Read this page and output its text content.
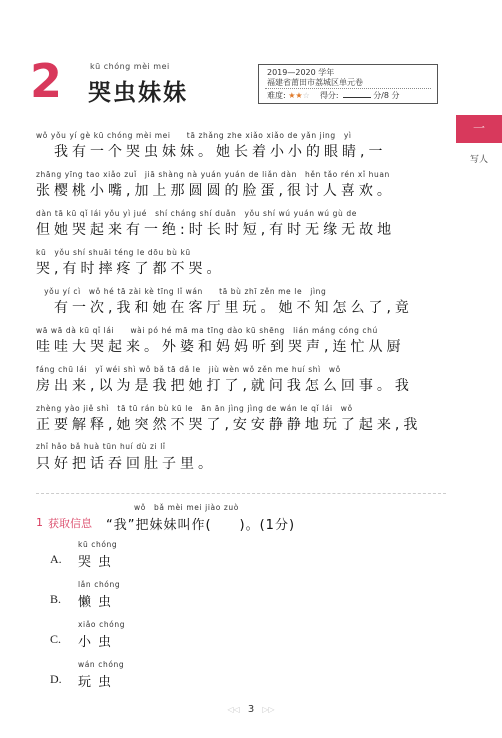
2	kū chóng mèi mei
哭虫妹妹
2019—2020 学年
福建省莆田市荔城区单元卷
难度: ★★☆ 得分:	分/8 分
一
写人
wǒ yǒu yí gè kū chóng mèi mei　　tā zhǎng zhe xiǎo xiǎo de yǎn jing　yì
　我有一个哭虫妹妹。她长着小小的眼睛,一
zhāng yīng tao xiǎo zuǐ　jiā shàng nà yuán yuán de liǎn dàn　hěn tǎo rén xǐ huan
张樱桃小嘴,加上那圆圆的脸蛋,很讨人喜欢。
dàn tā kū qǐ lái yǒu yì jué　shí cháng shí duǎn　yǒu shí wú yuán wú gù de
但她哭起来有一绝:时长时短,有时无缘无故地
kū　yǒu shí shuāi téng le dōu bù kū
哭,有时摔疼了都不哭。
　yǒu yí cì　wǒ hé tā zài kè tīng lǐ wán　　tā bù zhī zěn me le　jìng
　有一次,我和她在客厅里玩。她不知怎么了,竟
wā wā dà kū qǐ lái　　wài pó hé mā ma tīng dào kū shēng　lián máng cóng chú
哇哇大哭起来。外婆和妈妈听到哭声,连忙从厨
fáng chū lái　yǐ wéi shì wǒ bǎ tā dǎ le　jiù wèn wǒ zěn me huí shì　wǒ
房出来,以为是我把她打了,就问我怎么回事。我
zhèng yào jiě shì　tā tū rán bù kū le　ān ān jìng jìng de wán le qǐ lái　wǒ
正要解释,她突然不哭了,安安静静地玩了起来,我
zhǐ hǎo bǎ huà tūn huí dù zi lǐ
只好把话吞回肚子里。
wǒ　bǎ mèi mei jiào zuò
1 获取信息 “我”把妹妹叫作(　　)。(1分)
kū chóng
A. 哭虫
lǎn chóng
B. 懒虫
xiǎo chóng
C. 小虫
wán chóng
D. 玩虫
◁◁ 3 ▷▷
